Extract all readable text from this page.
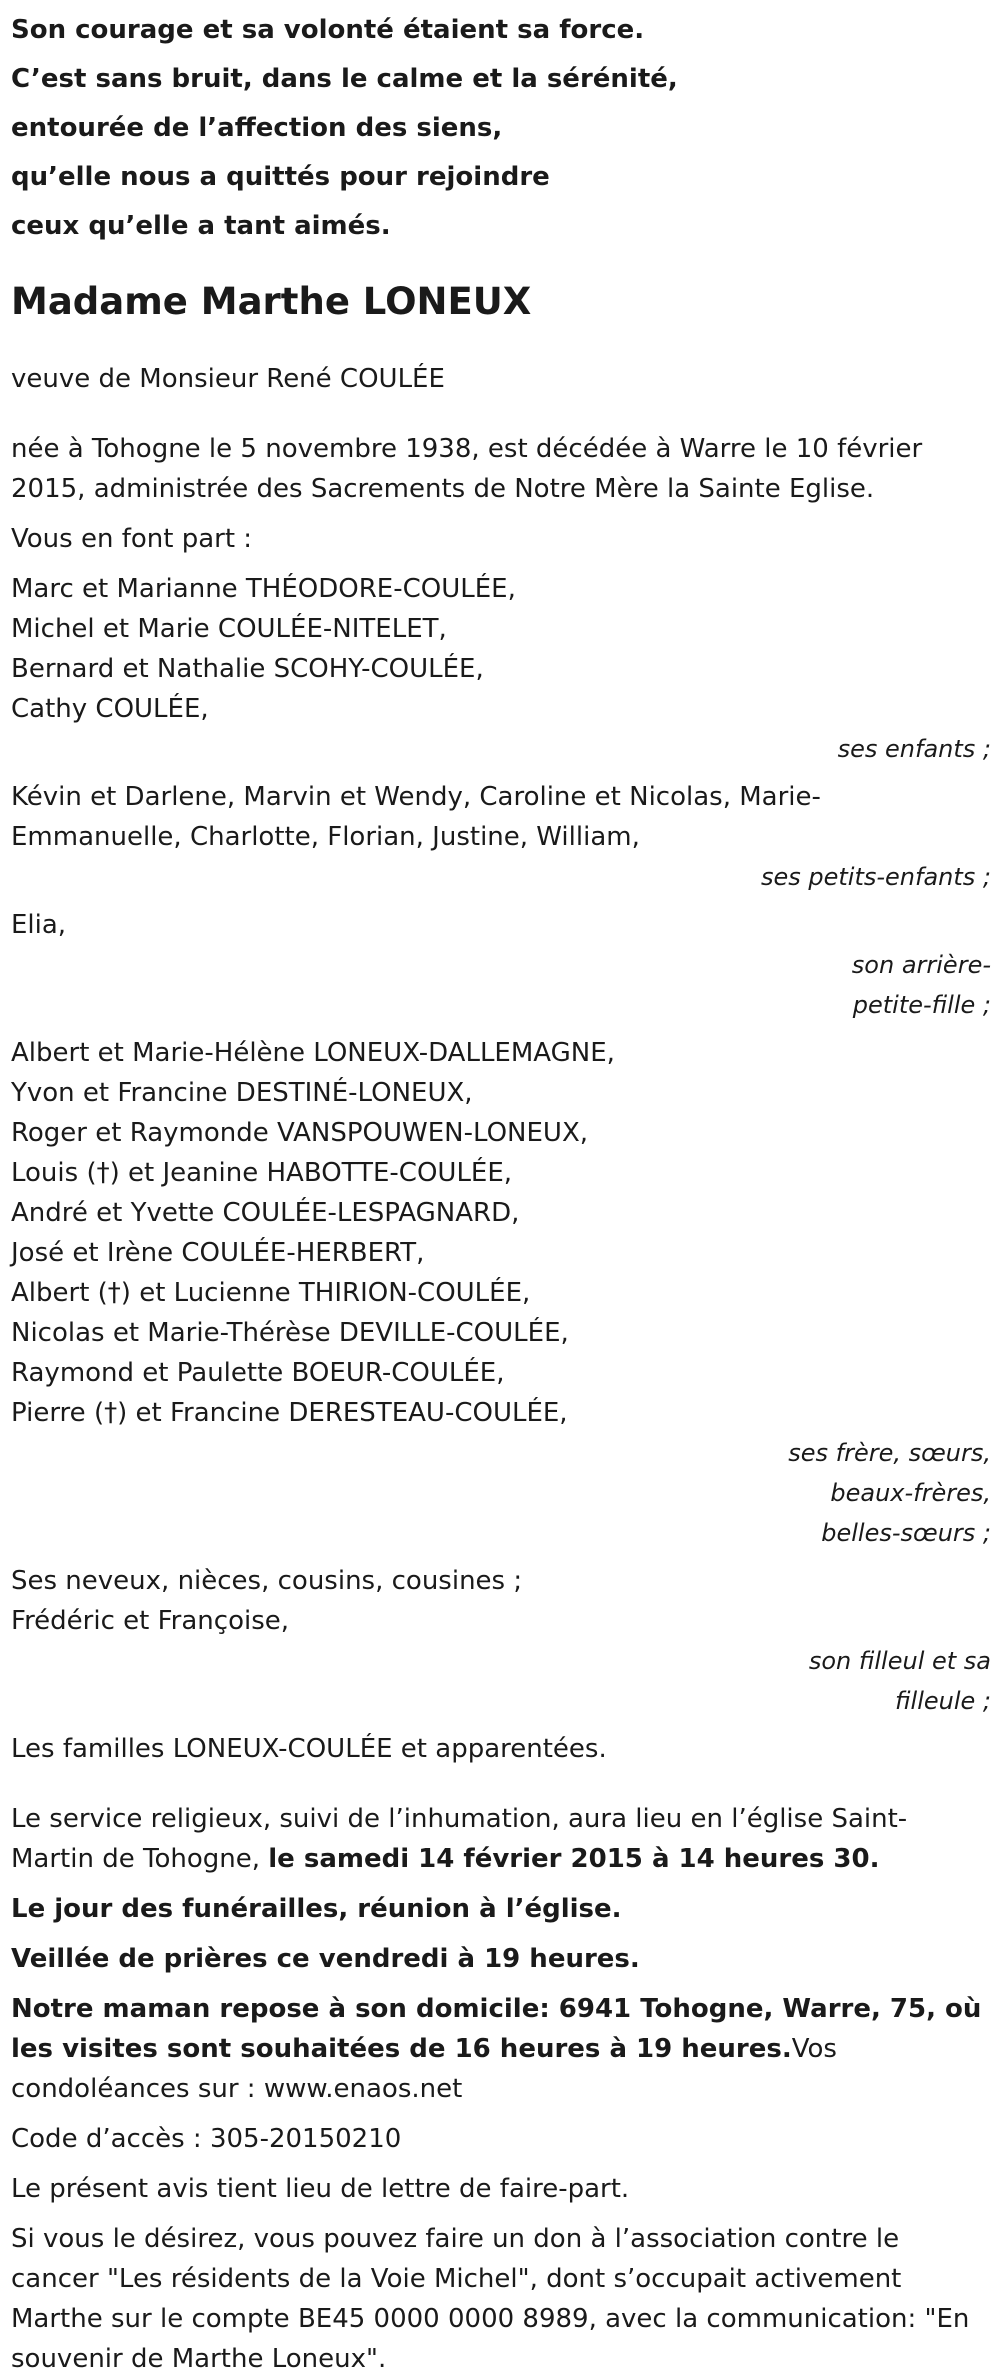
Son courage et sa volonté étaient sa force.

C’est sans bruit, dans le calme et la sérénité,

entourée de l’affection des siens,

qu’elle nous a quittés pour rejoindre

ceux qu’elle a tant aimés.

Madame Marthe LONEUX

veuve de Monsieur René COULÉE

née à Tohogne le 5 novembre 1938, est décédée à Warre le 10 février 2015, administrée des Sacrements de Notre Mère la Sainte Eglise.

Vous en font part :

Marc et Marianne THÉODORE-COULÉE,
Michel et Marie COULÉE-NITELET,
Bernard et Nathalie SCOHY-COULÉE,
Cathy COULÉE,

ses enfants ;

Kévin et Darlene, Marvin et Wendy, Caroline et Nicolas, Marie-Emmanuelle, Charlotte, Florian, Justine, William,

ses petits-enfants ;

Elia,

son arrière-
petite-fille ;
Albert et Marie-Hélène LONEUX-DALLEMAGNE,
Yvon et Francine DESTINÉ-LONEUX,
Roger et Raymonde VANSPOUWEN-LONEUX,
Louis (†) et Jeanine HABOTTE-COULÉE,
André et Yvette COULÉE-LESPAGNARD,
José et Irène COULÉE-HERBERT,
Albert (†) et Lucienne THIRION-COULÉE,
Nicolas et Marie-Thérèse DEVILLE-COULÉE,
Raymond et Paulette BOEUR-COULÉE,
Pierre (†) et Francine DERESTEAU-COULÉE,
ses frère, sœurs,
beaux-frères,
belles-sœurs ;
Ses neveux, nièces, cousins, cousines ;
Frédéric et Françoise,
son filleul et sa
filleule ;

Les familles LONEUX-COULÉE et apparentées.

Le service religieux, suivi de l’inhumation, aura lieu en l’église Saint-Martin de Tohogne, le samedi 14 février 2015 à 14 heures 30.

Le jour des funérailles, réunion à l’église.

Veillée de prières ce vendredi à 19 heures.

Notre maman repose à son domicile: 6941 Tohogne, Warre, 75, où les visites sont souhaitées de 16 heures à 19 heures.Vos condoléances sur : www.enaos.net

Code d’accès : 305-20150210

Le présent avis tient lieu de lettre de faire-part.

Si vous le désirez, vous pouvez faire un don à l’association contre le cancer "Les résidents de la Voie Michel", dont s’occupait activement Marthe sur le compte BE45 0000 0000 8989, avec la communication: "En souvenir de Marthe Loneux".
